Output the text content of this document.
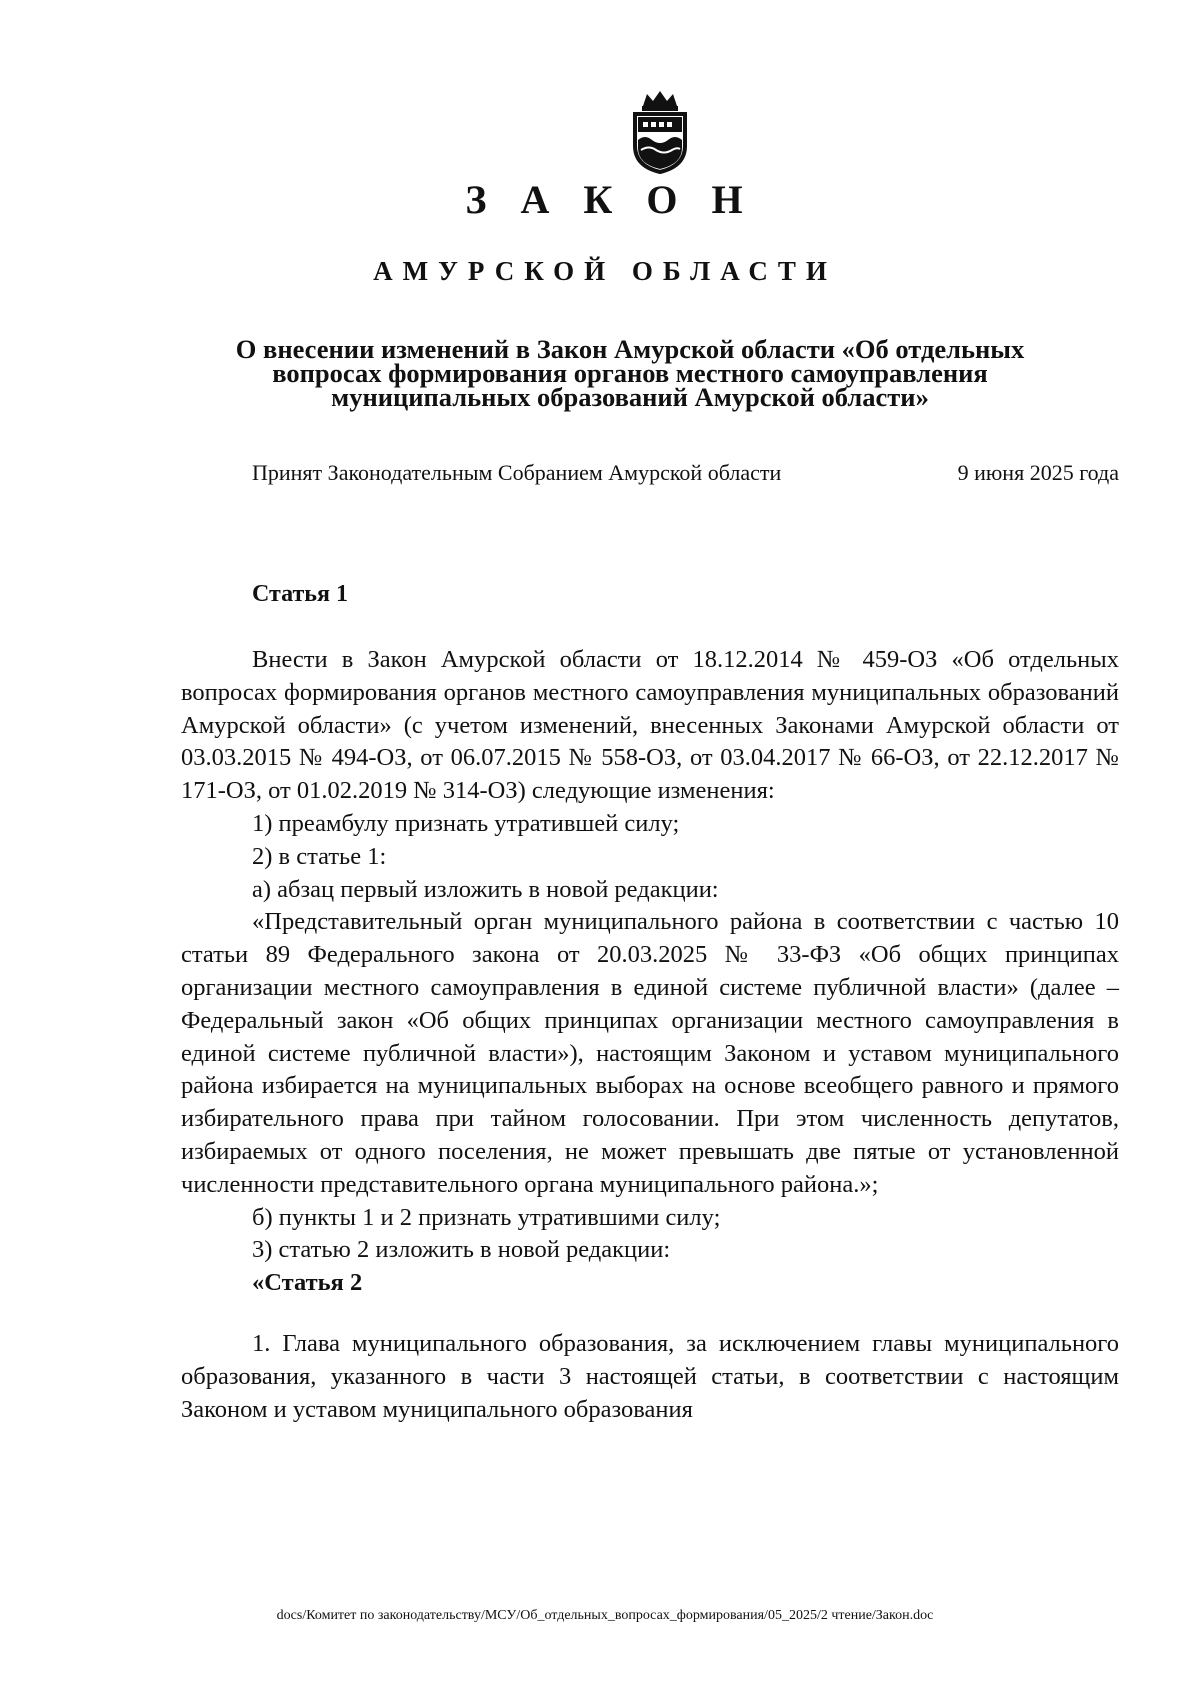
З А К О Н
АМУРСКОЙ ОБЛАСТИ
О внесении изменений в Закон Амурской области «Об отдельных
вопросах формирования органов местного самоуправления
муниципальных образований Амурской области»
Принят Законодательным Собранием Амурской области	9 июня 2025 года
Статья 1

Внести в Закон Амурской области от 18.12.2014 № 459-ОЗ «Об отдельных вопросах формирования органов местного самоуправления муниципальных образований Амурской области» (с учетом изменений, внесенных Законами Амурской области от 03.03.2015 № 494-ОЗ, от 06.07.2015 № 558-ОЗ, от 03.04.2017 № 66-ОЗ, от 22.12.2017 № 171-ОЗ, от 01.02.2019 № 314-ОЗ) следующие изменения:

1) преамбулу признать утратившей силу;

2) в статье 1:

а) абзац первый изложить в новой редакции:

«Представительный орган муниципального района в соответствии с частью 10 статьи 89 Федерального закона от 20.03.2025 № 33-ФЗ «Об общих принципах организации местного самоуправления в единой системе публичной власти» (далее – Федеральный закон «Об общих принципах организации местного самоуправления в единой системе публичной власти»), настоящим Законом и уставом муниципального района избирается на муниципальных выборах на основе всеобщего равного и прямого избирательного права при тайном голосовании. При этом численность депутатов, избираемых от одного поселения, не может превышать две пятые от установленной численности представительного органа муниципального района.»;

б) пункты 1 и 2 признать утратившими силу;

3) статью 2 изложить в новой редакции:

«Статья 2

1. Глава муниципального образования, за исключением главы муниципального образования, указанного в части 3 настоящей статьи, в соответствии с настоящим Законом и уставом муниципального образования

docs/Комитет по законодательству/МСУ/Об_отдельных_вопросах_формирования/05_2025/2 чтение/Закон.doc
